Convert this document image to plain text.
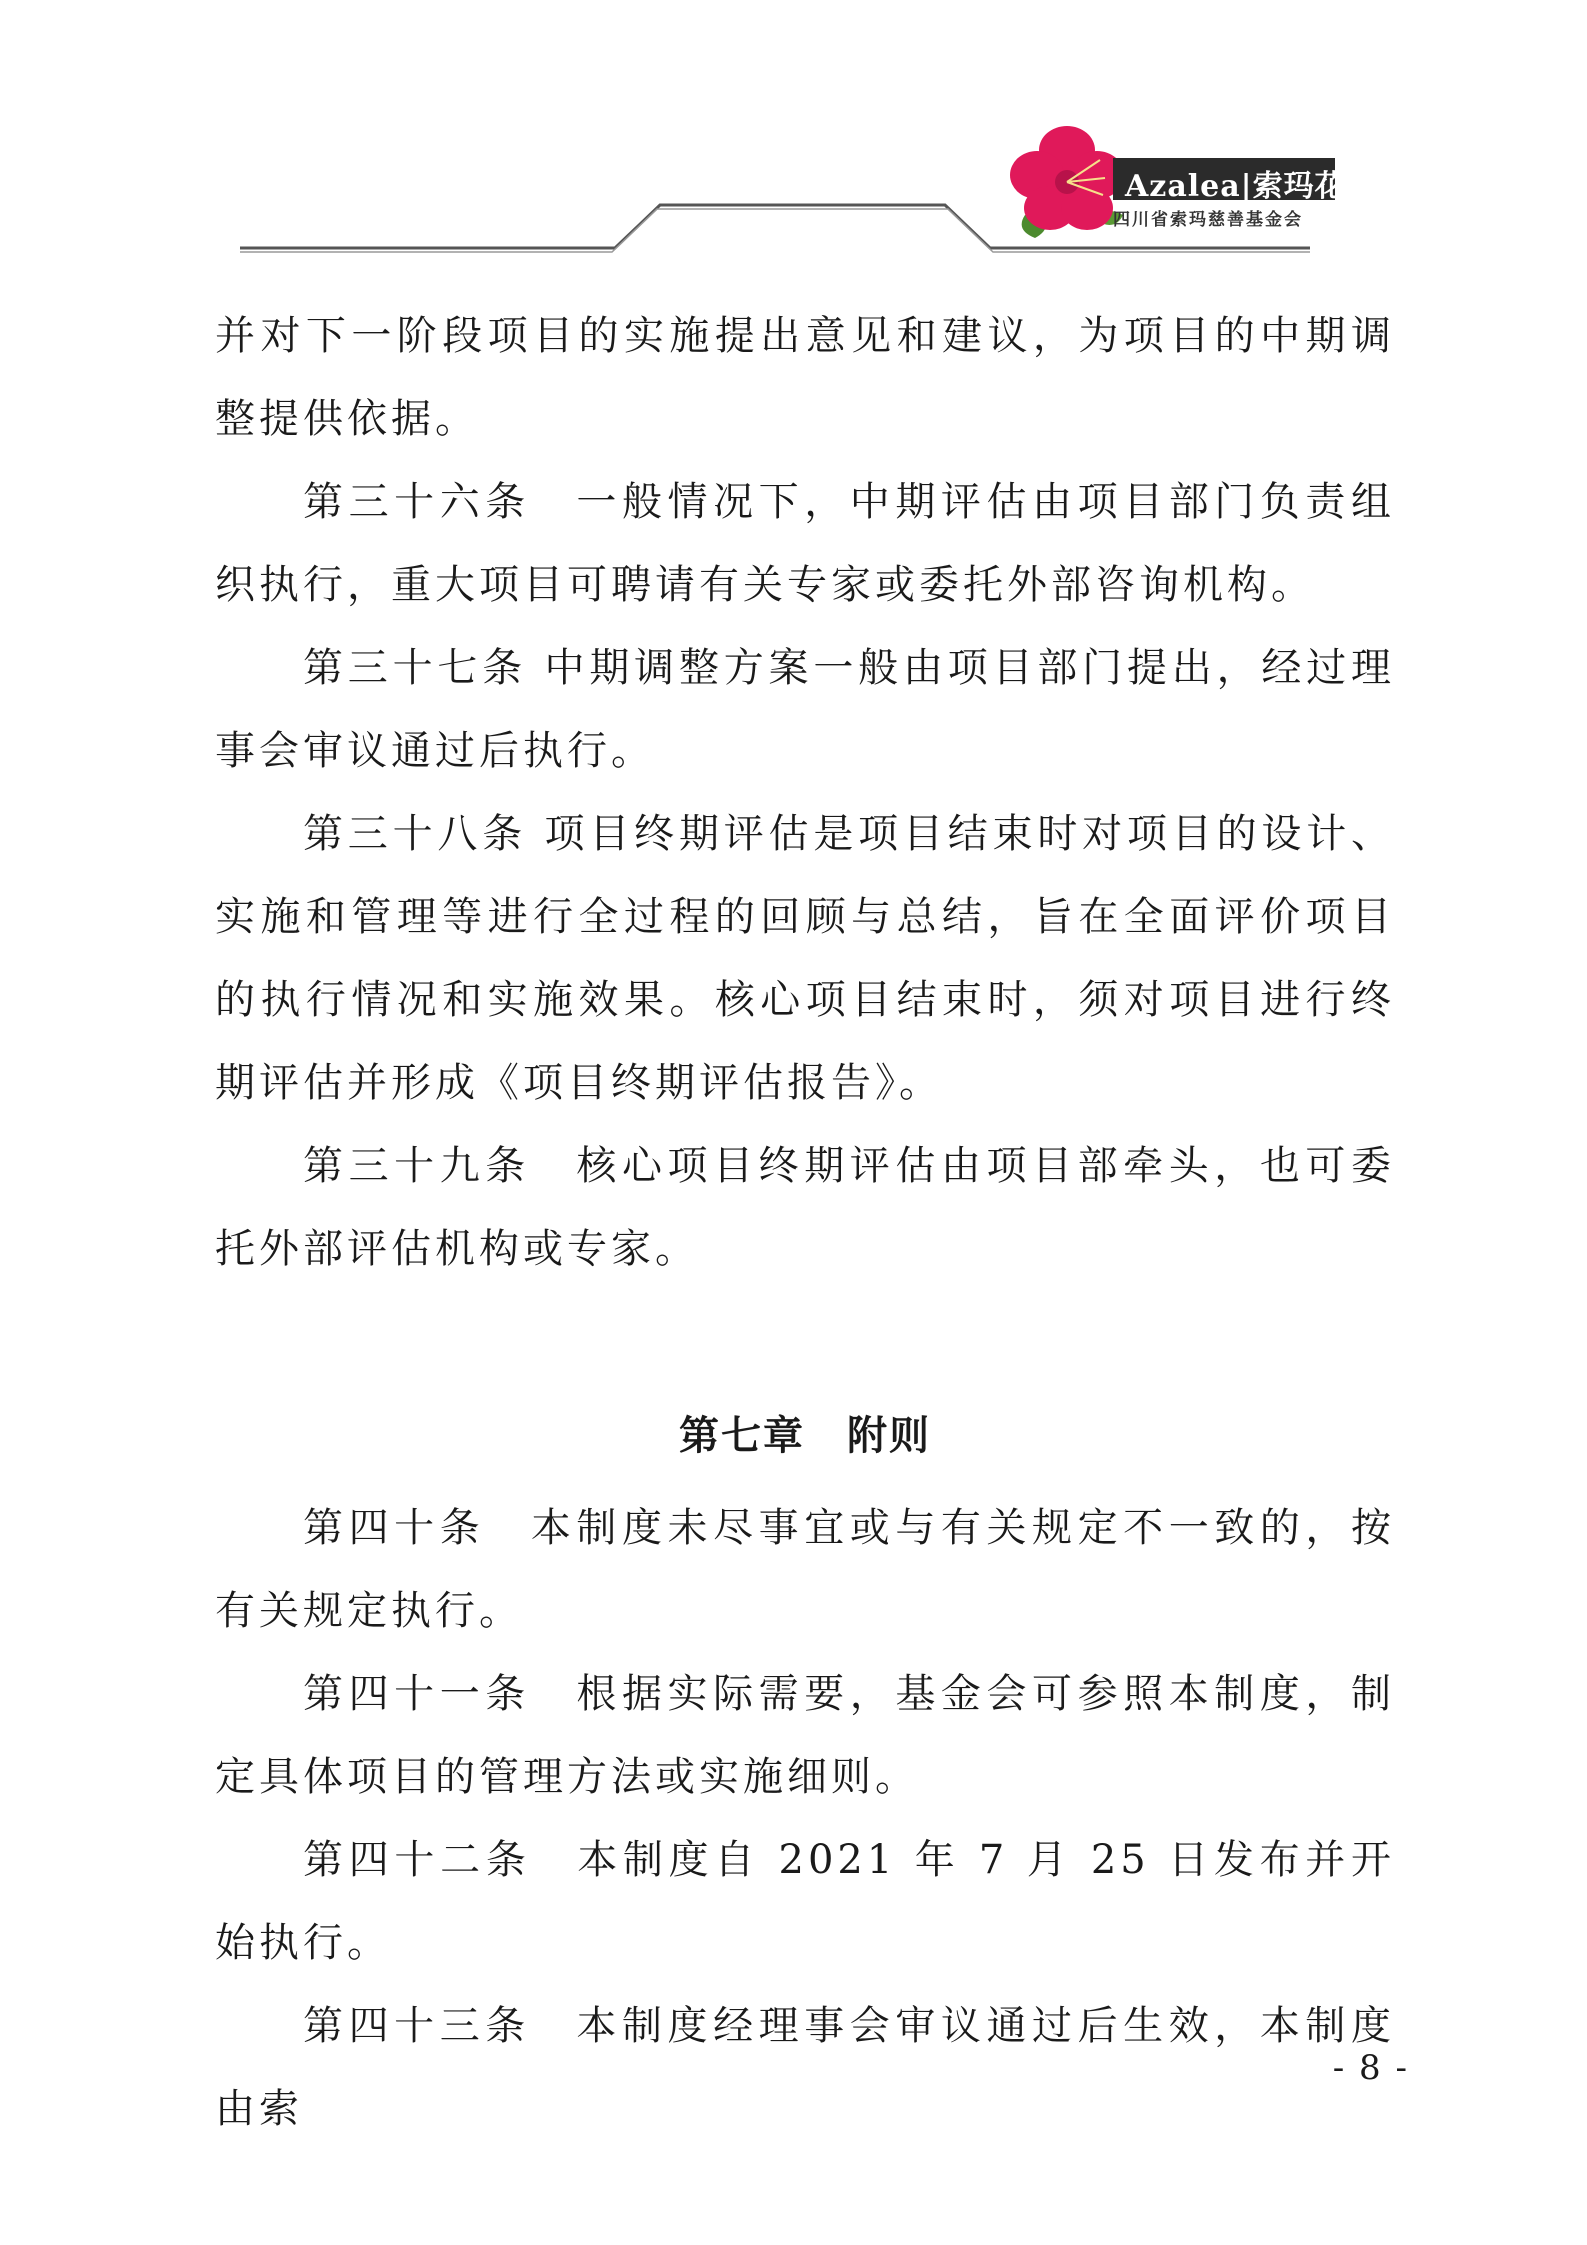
Azalea|索玛花
四川省索玛慈善基金会

并对下一阶段项目的实施提出意见和建议，为项目的中期调整提供依据。

第三十六条　一般情况下，中期评估由项目部门负责组织执行，重大项目可聘请有关专家或委托外部咨询机构。

第三十七条 中期调整方案一般由项目部门提出，经过理事会审议通过后执行。

第三十八条 项目终期评估是项目结束时对项目的设计、实施和管理等进行全过程的回顾与总结，旨在全面评价项目的执行情况和实施效果。核心项目结束时，须对项目进行终期评估并形成《项目终期评估报告》。

第三十九条　核心项目终期评估由项目部牵头，也可委托外部评估机构或专家。

第七章　附则

第四十条　本制度未尽事宜或与有关规定不一致的，按有关规定执行。

第四十一条　根据实际需要，基金会可参照本制度，制定具体项目的管理方法或实施细则。

第四十二条　本制度自 2021 年 7 月 25 日发布并开始执行。

第四十三条　本制度经理事会审议通过后生效，本制度由索

- 8 -
